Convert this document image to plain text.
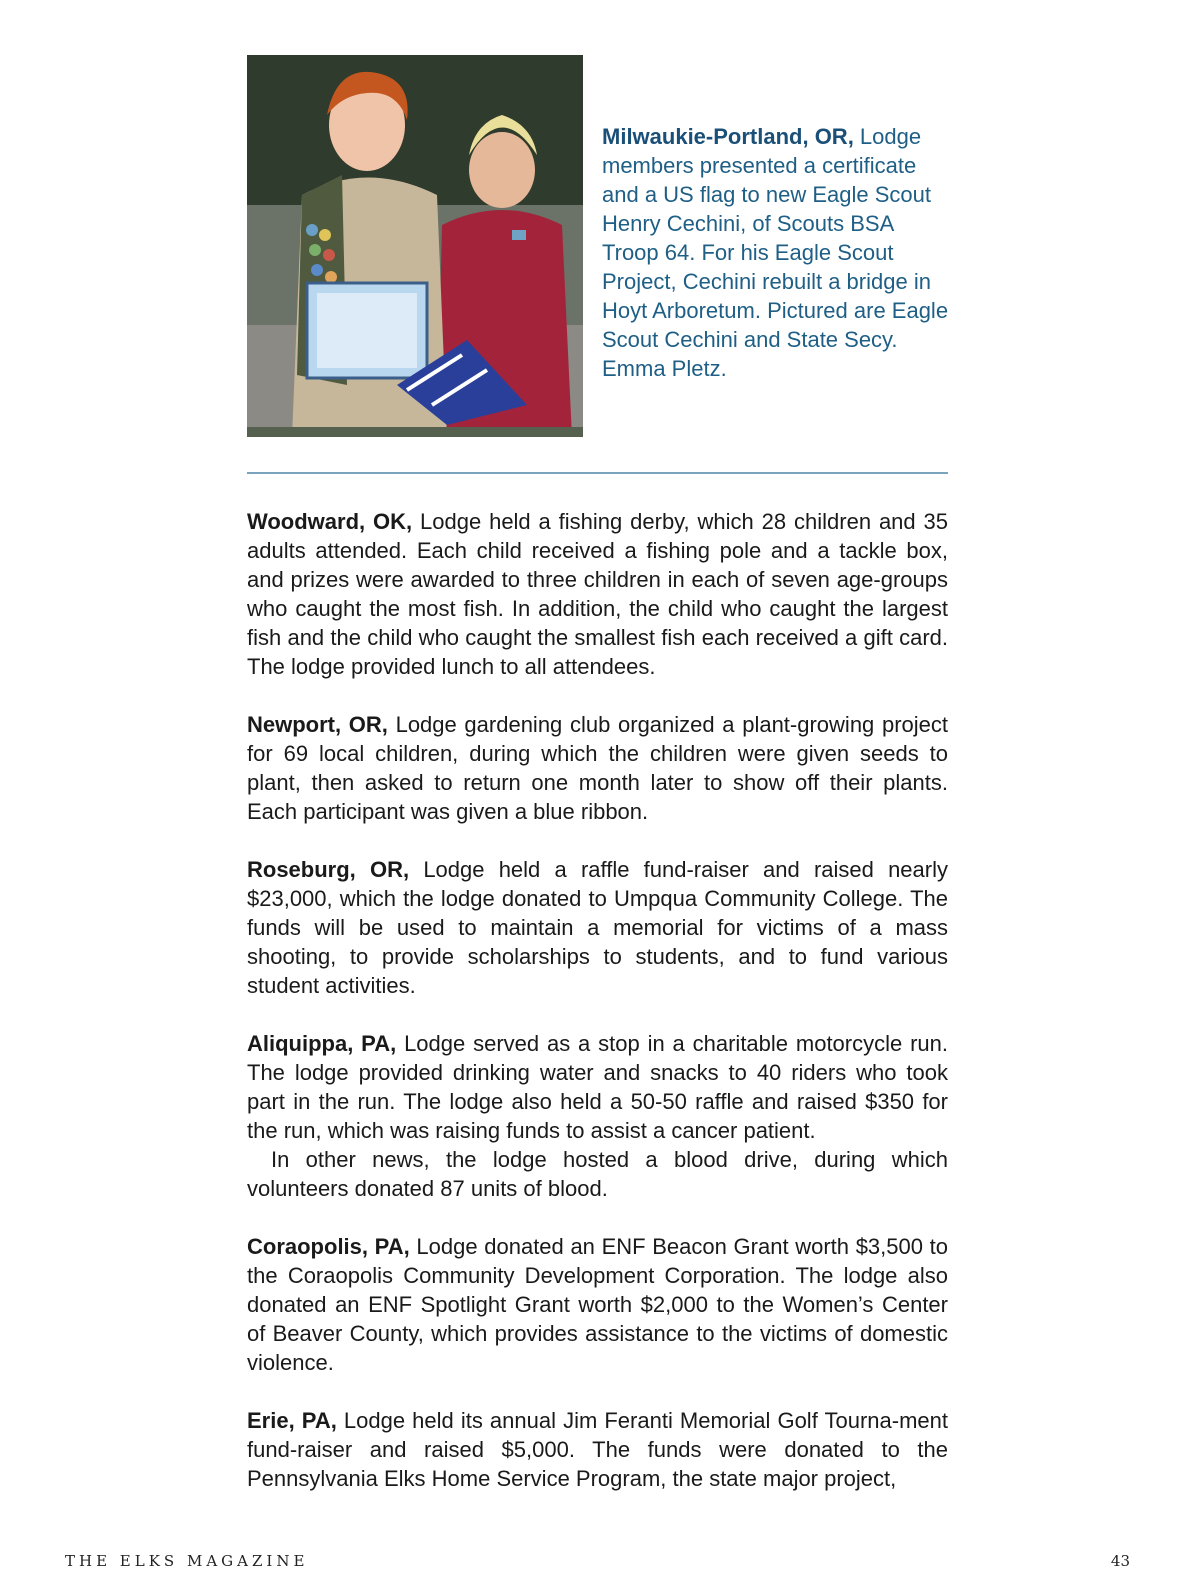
Milwaukie-Portland, OR, Lodge members presented a certificate and a US flag to new Eagle Scout Henry Cechini, of Scouts BSA Troop 64. For his Eagle Scout Project, Cechini rebuilt a bridge in Hoyt Arboretum. Pictured are Eagle Scout Cechini and State Secy. Emma Pletz.

Woodward, OK, Lodge held a fishing derby, which 28 children and 35 adults attended. Each child received a fishing pole and a tackle box, and prizes were awarded to three children in each of seven age-groups who caught the most fish. In addition, the child who caught the largest fish and the child who caught the smallest fish each received a gift card. The lodge provided lunch to all attendees.

Newport, OR, Lodge gardening club organized a plant-growing project for 69 local children, during which the children were given seeds to plant, then asked to return one month later to show off their plants. Each participant was given a blue ribbon.

Roseburg, OR, Lodge held a raffle fund-raiser and raised nearly $23,000, which the lodge donated to Umpqua Community College. The funds will be used to maintain a memorial for victims of a mass shooting, to provide scholarships to students, and to fund various student activities.

Aliquippa, PA, Lodge served as a stop in a charitable motorcycle run. The lodge provided drinking water and snacks to 40 riders who took part in the run. The lodge also held a 50-50 raffle and raised $350 for the run, which was raising funds to assist a cancer patient.

In other news, the lodge hosted a blood drive, during which volunteers donated 87 units of blood.

Coraopolis, PA, Lodge donated an ENF Beacon Grant worth $3,500 to the Coraopolis Community Development Corporation. The lodge also donated an ENF Spotlight Grant worth $2,000 to the Women’s Center of Beaver County, which provides assistance to the victims of domestic violence.

Erie, PA, Lodge held its annual Jim Feranti Memorial Golf Tourna-ment fund-raiser and raised $5,000. The funds were donated to the Pennsylvania Elks Home Service Program, the state major project,

THE ELKS MAGAZINE	43
